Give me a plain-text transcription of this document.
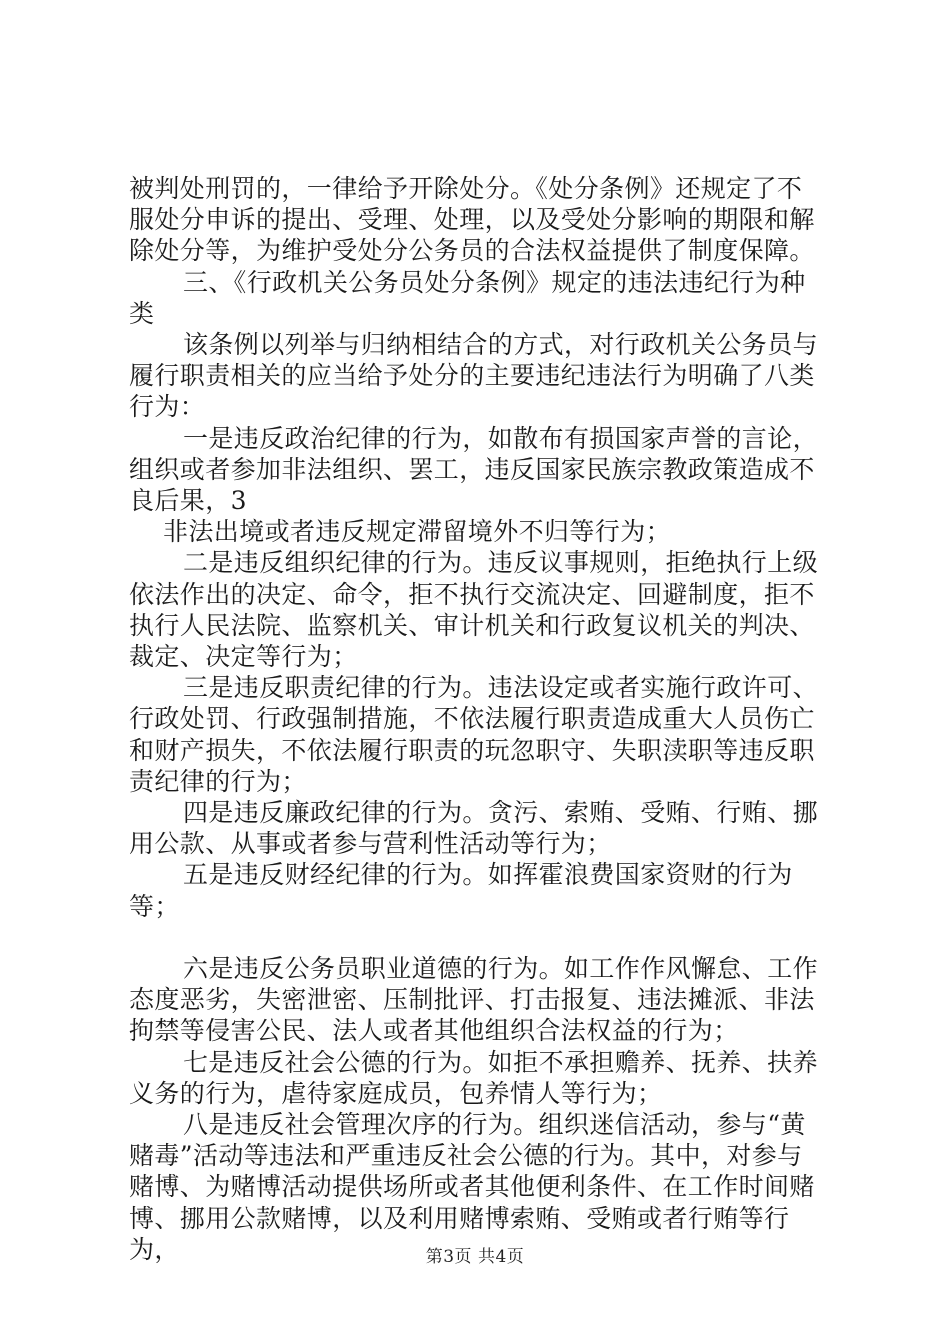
被判处刑罚的，一律给予开除处分。《处分条例》还规定了不

服处分申诉的提出、受理、处理，以及受处分影响的期限和解

除处分等，为维护受处分公务员的合法权益提供了制度保障。

三、《行政机关公务员处分条例》规定的违法违纪行为种

类

该条例以列举与归纳相结合的方式，对行政机关公务员与

履行职责相关的应当给予处分的主要违纪违法行为明确了八类

行为：

一是违反政治纪律的行为，如散布有损国家声誉的言论，

组织或者参加非法组织、罢工，违反国家民族宗教政策造成不

良后果，3

非法出境或者违反规定滞留境外不归等行为；

二是违反组织纪律的行为。违反议事规则，拒绝执行上级

依法作出的决定、命令，拒不执行交流决定、回避制度，拒不

执行人民法院、监察机关、审计机关和行政复议机关的判决、

裁定、决定等行为；

三是违反职责纪律的行为。违法设定或者实施行政许可、

行政处罚、行政强制措施，不依法履行职责造成重大人员伤亡

和财产损失，不依法履行职责的玩忽职守、失职渎职等违反职

责纪律的行为；

四是违反廉政纪律的行为。贪污、索贿、受贿、行贿、挪

用公款、从事或者参与营利性活动等行为；

五是违反财经纪律的行为。如挥霍浪费国家资财的行为等；

六是违反公务员职业道德的行为。如工作作风懈怠、工作

态度恶劣，失密泄密、压制批评、打击报复、违法摊派、非法

拘禁等侵害公民、法人或者其他组织合法权益的行为；

七是违反社会公德的行为。如拒不承担赡养、抚养、扶养

义务的行为，虐待家庭成员，包养情人等行为；

八是违反社会管理次序的行为。组织迷信活动，参与“黄

赌毒”活动等违法和严重违反社会公德的行为。其中，对参与

赌博、为赌博活动提供场所或者其他便利条件、在工作时间赌

博、挪用公款赌博，以及利用赌博索贿、受贿或者行贿等行为，	第3页 共4页
